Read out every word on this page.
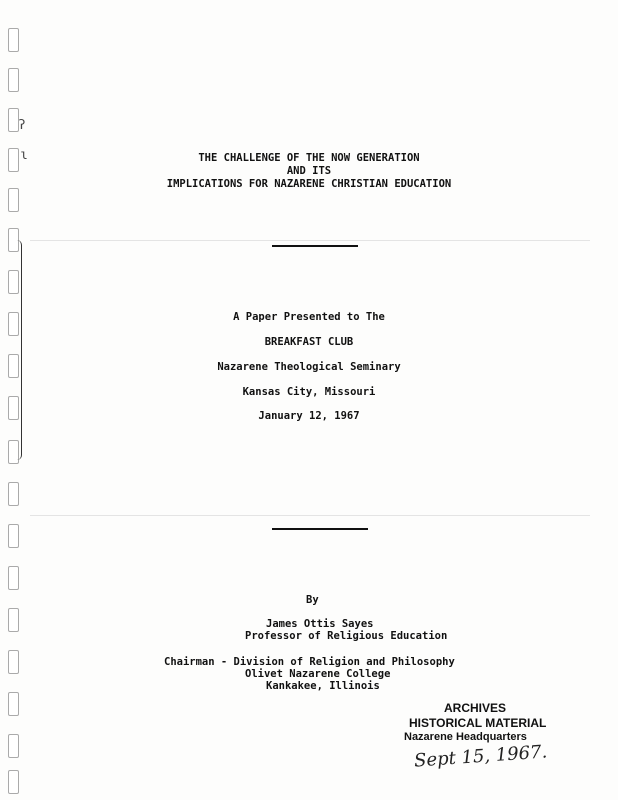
ʔ
ɩ	THE CHALLENGE OF THE NOW GENERATION
AND ITS
IMPLICATIONS FOR NAZARENE CHRISTIAN EDUCATION
A Paper Presented to The
BREAKFAST CLUB
Nazarene Theological Seminary
Kansas City, Missouri
January 12, 1967
By
James Ottis Sayes
Professor of Religious Education
Chairman - Division of Religion and Philosophy
Olivet Nazarene College
Kankakee, Illinois
ARCHIVES
HISTORICAL MATERIAL
Nazarene Headquarters
Sept 15, 1967.
